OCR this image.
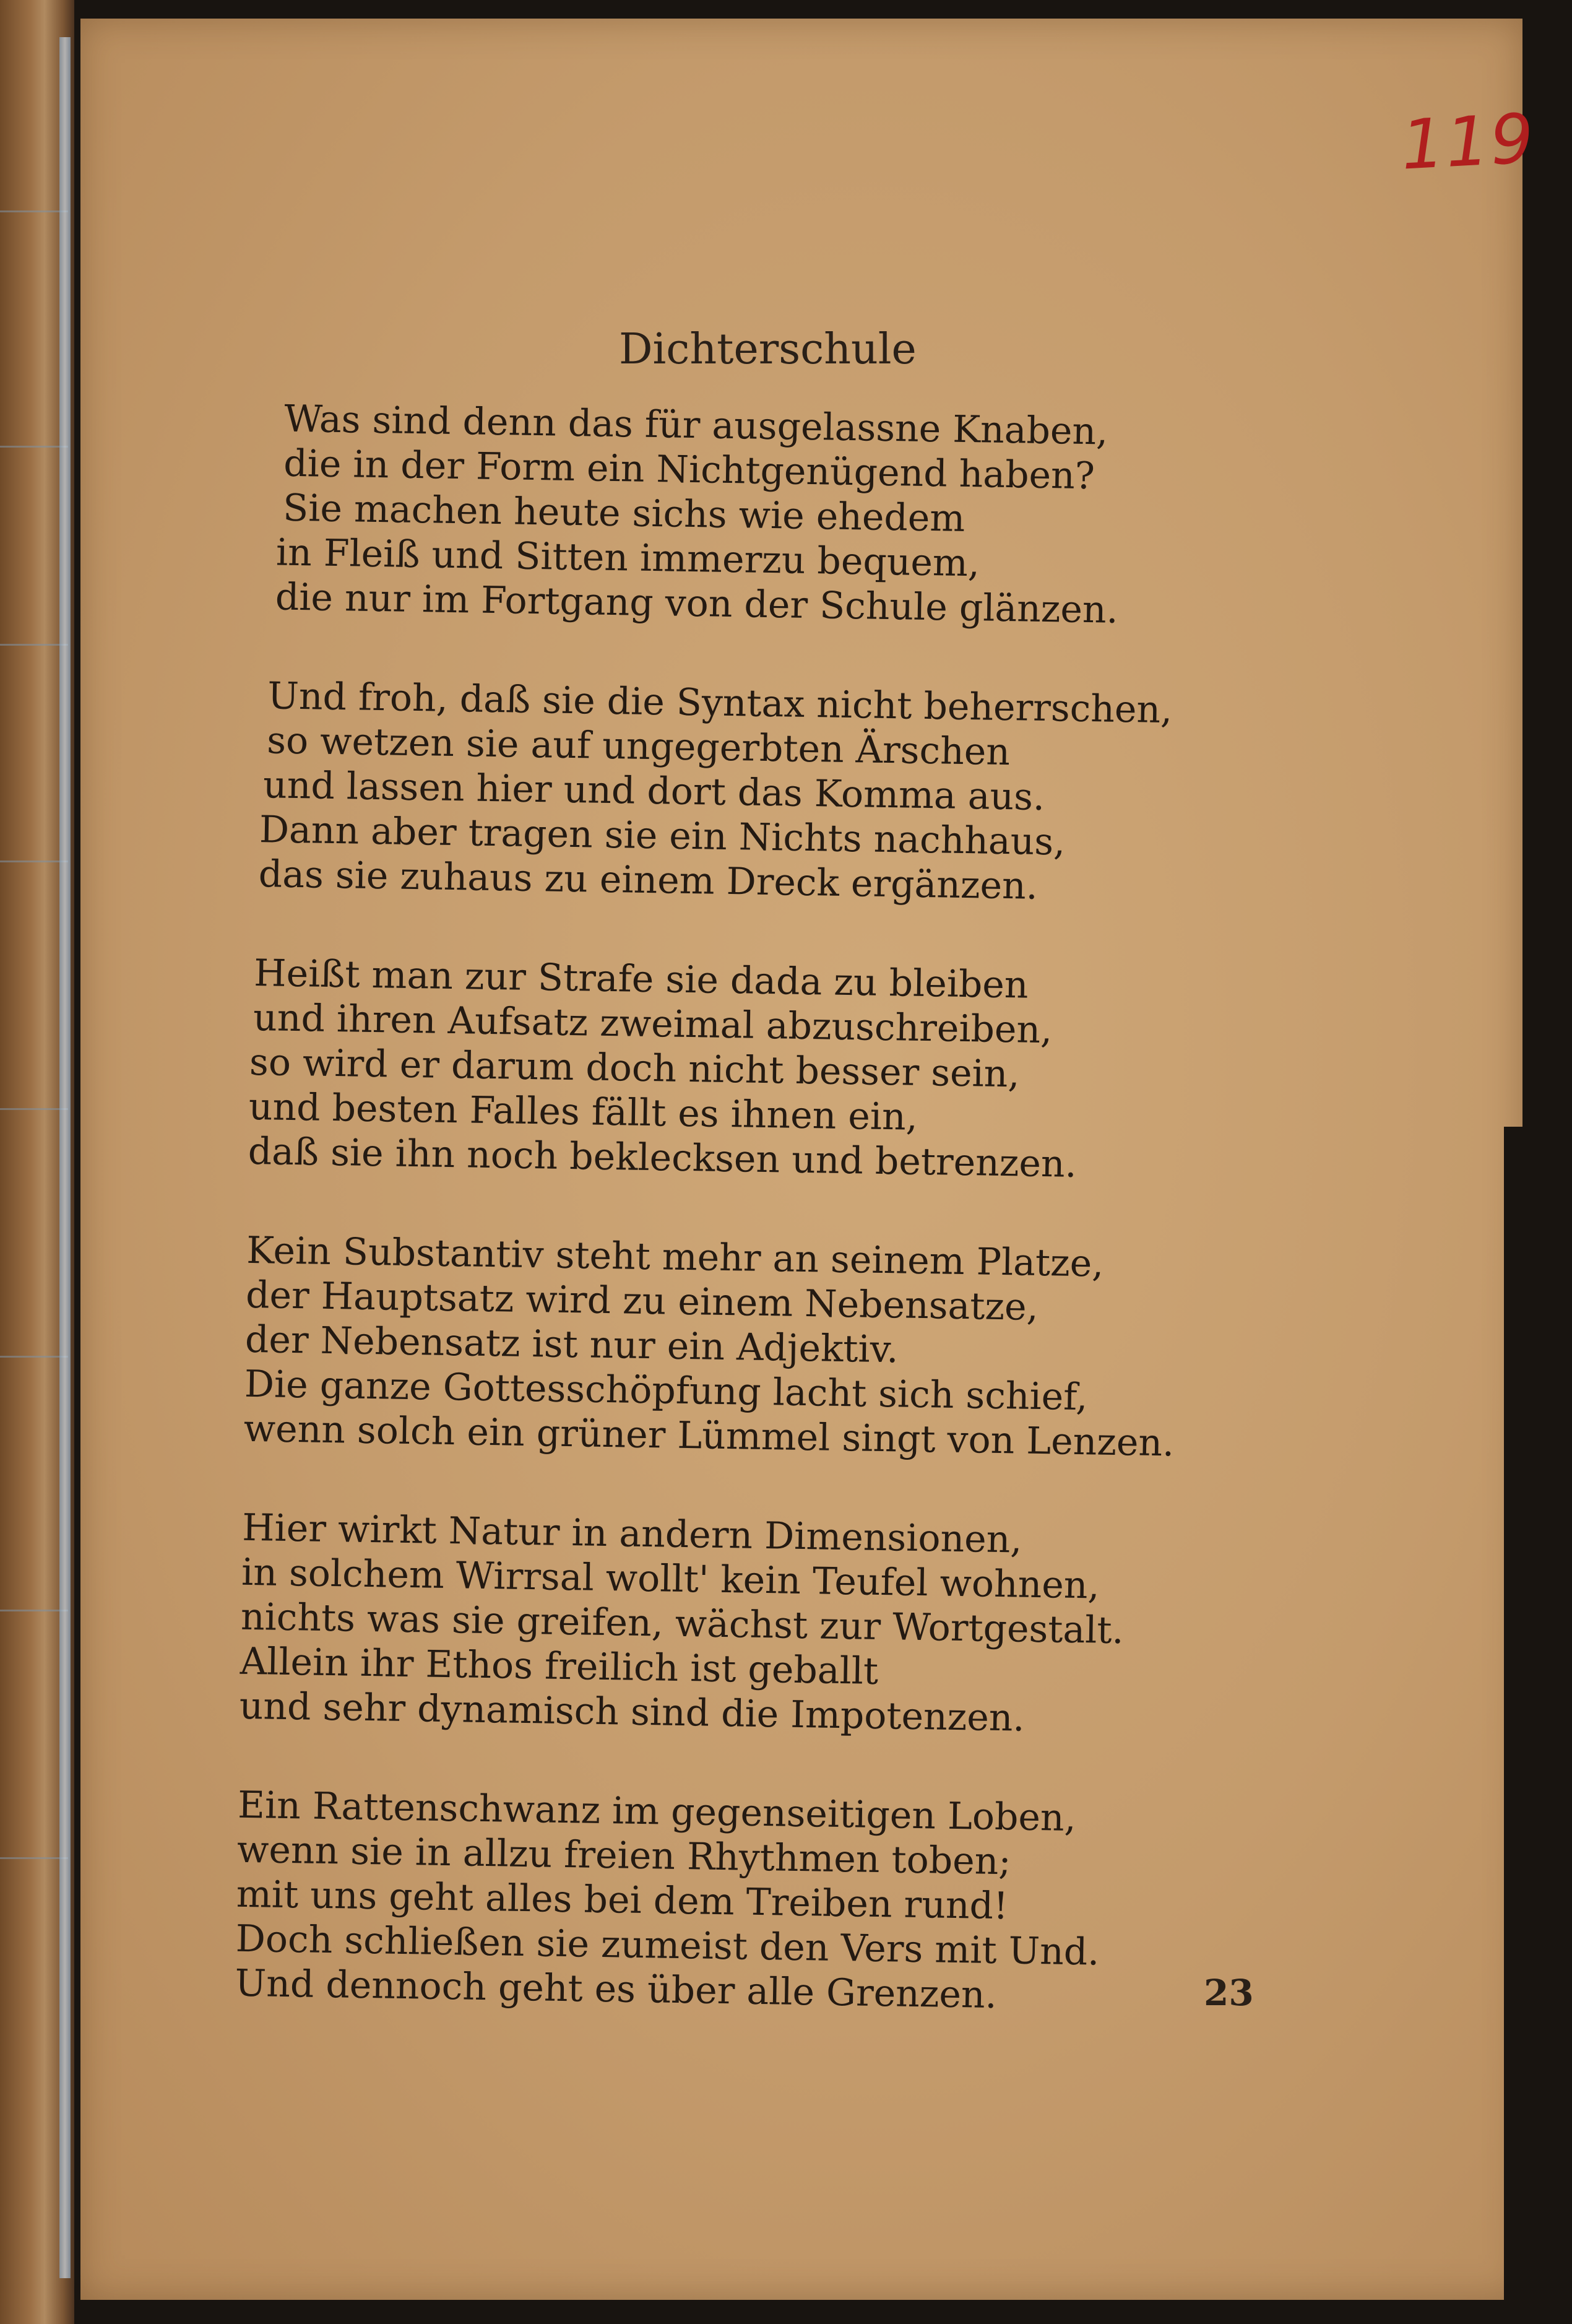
119
Dichterschule
Was sind denn das für ausgelassne Knaben,
die in der Form ein Nichtgenügend haben?
Sie machen heute sichs wie ehedem
in Fleiß und Sitten immerzu bequem,
die nur im Fortgang von der Schule glänzen.
Und froh, daß sie die Syntax nicht beherrschen,
so wetzen sie auf ungegerbten Ärschen
und lassen hier und dort das Komma aus.
Dann aber tragen sie ein Nichts nachhaus,
das sie zuhaus zu einem Dreck ergänzen.
Heißt man zur Strafe sie dada zu bleiben
und ihren Aufsatz zweimal abzuschreiben,
so wird er darum doch nicht besser sein,
und besten Falles fällt es ihnen ein,
daß sie ihn noch beklecksen und betrenzen.
Kein Substantiv steht mehr an seinem Platze,
der Hauptsatz wird zu einem Nebensatze,
der Nebensatz ist nur ein Adjektiv.
Die ganze Gottesschöpfung lacht sich schief,
wenn solch ein grüner Lümmel singt von Lenzen.
Hier wirkt Natur in andern Dimensionen,
in solchem Wirrsal wollt' kein Teufel wohnen,
nichts was sie greifen, wächst zur Wortgestalt.
Allein ihr Ethos freilich ist geballt
und sehr dynamisch sind die Impotenzen.
Ein Rattenschwanz im gegenseitigen Loben,
wenn sie in allzu freien Rhythmen toben;
mit uns geht alles bei dem Treiben rund!
Doch schließen sie zumeist den Vers mit Und.
Und dennoch geht es über alle Grenzen.	23
